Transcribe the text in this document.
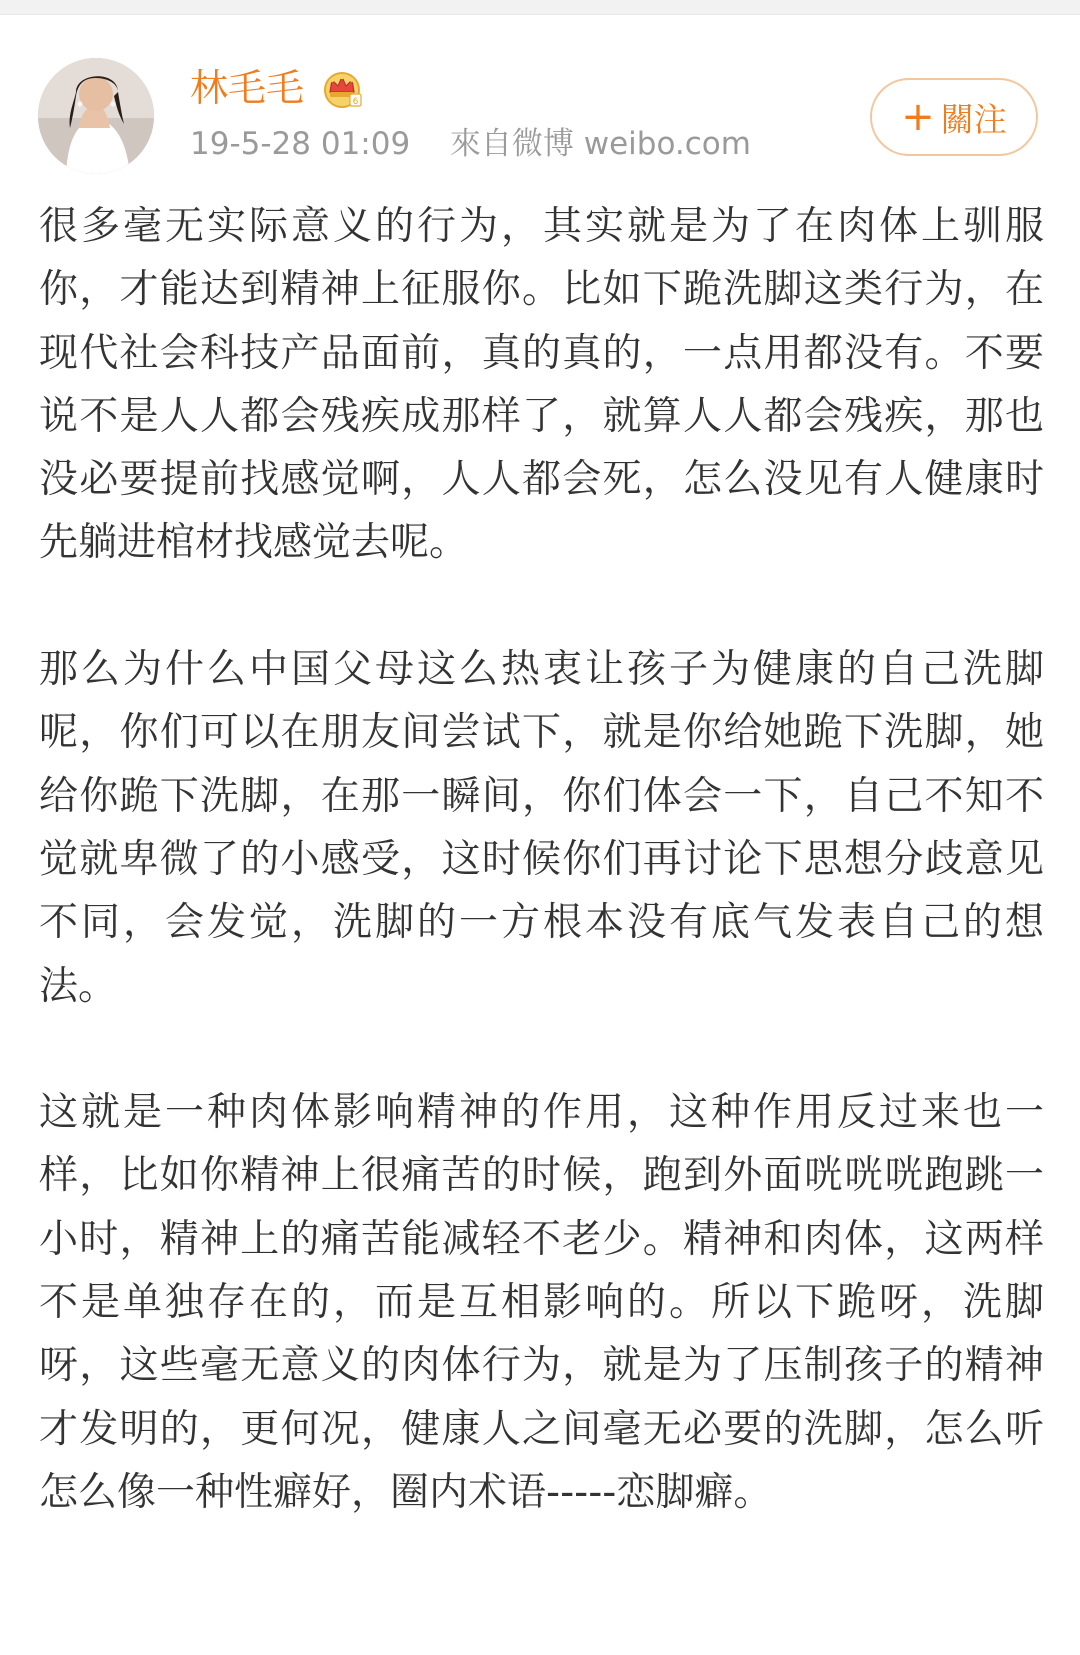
林毛毛	6
19-5-28 01:09 來自微博 weibo.com
+ 關注

很多毫无实际意义的行为，其实就是为了在肉体上驯服你，才能达到精神上征服你。比如下跪洗脚这类行为，在现代社会科技产品面前，真的真的，一点用都没有。不要说不是人人都会残疾成那样了，就算人人都会残疾，那也没必要提前找感觉啊，人人都会死，怎么没见有人健康时先躺进棺材找感觉去呢。

那么为什么中国父母这么热衷让孩子为健康的自己洗脚呢，你们可以在朋友间尝试下，就是你给她跪下洗脚，她给你跪下洗脚，在那一瞬间，你们体会一下，自己不知不觉就卑微了的小感受，这时候你们再讨论下思想分歧意见不同，会发觉，洗脚的一方根本没有底气发表自己的想法。

这就是一种肉体影响精神的作用，这种作用反过来也一样，比如你精神上很痛苦的时候，跑到外面咣咣咣跑跳一小时，精神上的痛苦能减轻不老少。精神和肉体，这两样不是单独存在的，而是互相影响的。所以下跪呀，洗脚呀，这些毫无意义的肉体行为，就是为了压制孩子的精神才发明的，更何况，健康人之间毫无必要的洗脚，怎么听怎么像一种性癖好，圈内术语-----恋脚癖。
